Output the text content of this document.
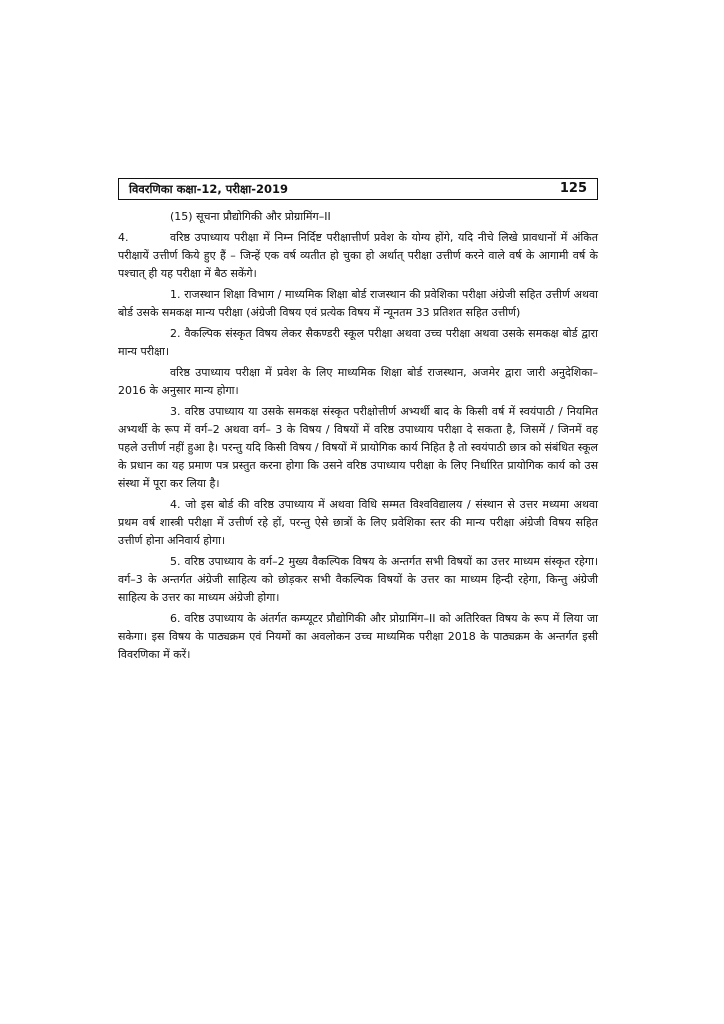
विवरणिका कक्षा-12, परीक्षा-2019	125

(15) सूचना प्रौद्योगिकी और प्रोग्रामिंग–II

4.	वरिष्ठ उपाध्याय परीक्षा में निम्न निर्दिष्ट परीक्षात्तीर्ण प्रवेश के योग्य होंगे, यदि नीचे लिखे प्रावधानों में अंकित परीक्षायें उत्तीर्ण किये हुए हैं – जिन्हें एक वर्ष व्यतीत हो चुका हो अर्थात् परीक्षा उत्तीर्ण करने वाले वर्ष के आगामी वर्ष के पश्चात् ही यह परीक्षा में बैठ सकेंगे।

1. राजस्थान शिक्षा विभाग / माध्यमिक शिक्षा बोर्ड राजस्थान की प्रवेशिका परीक्षा अंग्रेजी सहित उत्तीर्ण अथवा बोर्ड उसके समकक्ष मान्य परीक्षा (अंग्रेजी विषय एवं प्रत्येक विषय में न्यूनतम 33 प्रतिशत सहित उत्तीर्ण)

2. वैकल्पिक संस्कृत विषय लेकर सैकण्डरी स्कूल परीक्षा अथवा उच्च परीक्षा अथवा उसके समकक्ष बोर्ड द्वारा मान्य परीक्षा।

वरिष्ठ उपाध्याय परीक्षा में प्रवेश के लिए माध्यमिक शिक्षा बोर्ड राजस्थान, अजमेर द्वारा जारी अनुदेशिका–2016 के अनुसार मान्य होगा।

3. वरिष्ठ उपाध्याय या उसके समकक्ष संस्कृत परीक्षोत्तीर्ण अभ्यर्थी बाद के किसी वर्ष में स्वयंपाठी / नियमित अभ्यर्थी के रूप में वर्ग–2 अथवा वर्ग– 3 के विषय / विषयों में वरिष्ठ उपाध्याय परीक्षा दे सकता है, जिसमें / जिनमें वह पहले उत्तीर्ण नहीं हुआ है। परन्तु यदि किसी विषय / विषयों में प्रायोगिक कार्य निहित है तो स्वयंपाठी छात्र को संबंधित स्कूल के प्रधान का यह प्रमाण पत्र प्रस्तुत करना होगा कि उसने वरिष्ठ उपाध्याय परीक्षा के लिए निर्धारित प्रायोगिक कार्य को उस संस्था में पूरा कर लिया है।

4. जो इस बोर्ड की वरिष्ठ उपाध्याय में अथवा विधि सम्मत विश्वविद्यालय / संस्थान से उत्तर मध्यमा अथवा प्रथम वर्ष शास्त्री परीक्षा में उत्तीर्ण रहे हों, परन्तु ऐसे छात्रों के लिए प्रवेशिका स्तर की मान्य परीक्षा अंग्रेजी विषय सहित उत्तीर्ण होना अनिवार्य होगा।

5. वरिष्ठ उपाध्याय के वर्ग–2 मुख्य वैकल्पिक विषय के अन्तर्गत सभी विषयों का उत्तर माध्यम संस्कृत रहेगा। वर्ग–3 के अन्तर्गत अंग्रेजी साहित्य को छोड़कर सभी वैकल्पिक विषयों के उत्तर का माध्यम हिन्दी रहेगा, किन्तु अंग्रेजी साहित्य के उत्तर का माध्यम अंग्रेजी होगा।

6. वरिष्ठ उपाध्याय के अंतर्गत कम्प्यूटर प्रौद्योगिकी और प्रोग्रामिंग–II को अतिरिक्त विषय के रूप में लिया जा सकेगा। इस विषय के पाठ्यक्रम एवं नियमों का अवलोकन उच्च माध्यमिक परीक्षा 2018 के पाठ्यक्रम के अन्तर्गत इसी विवरणिका में करें।
